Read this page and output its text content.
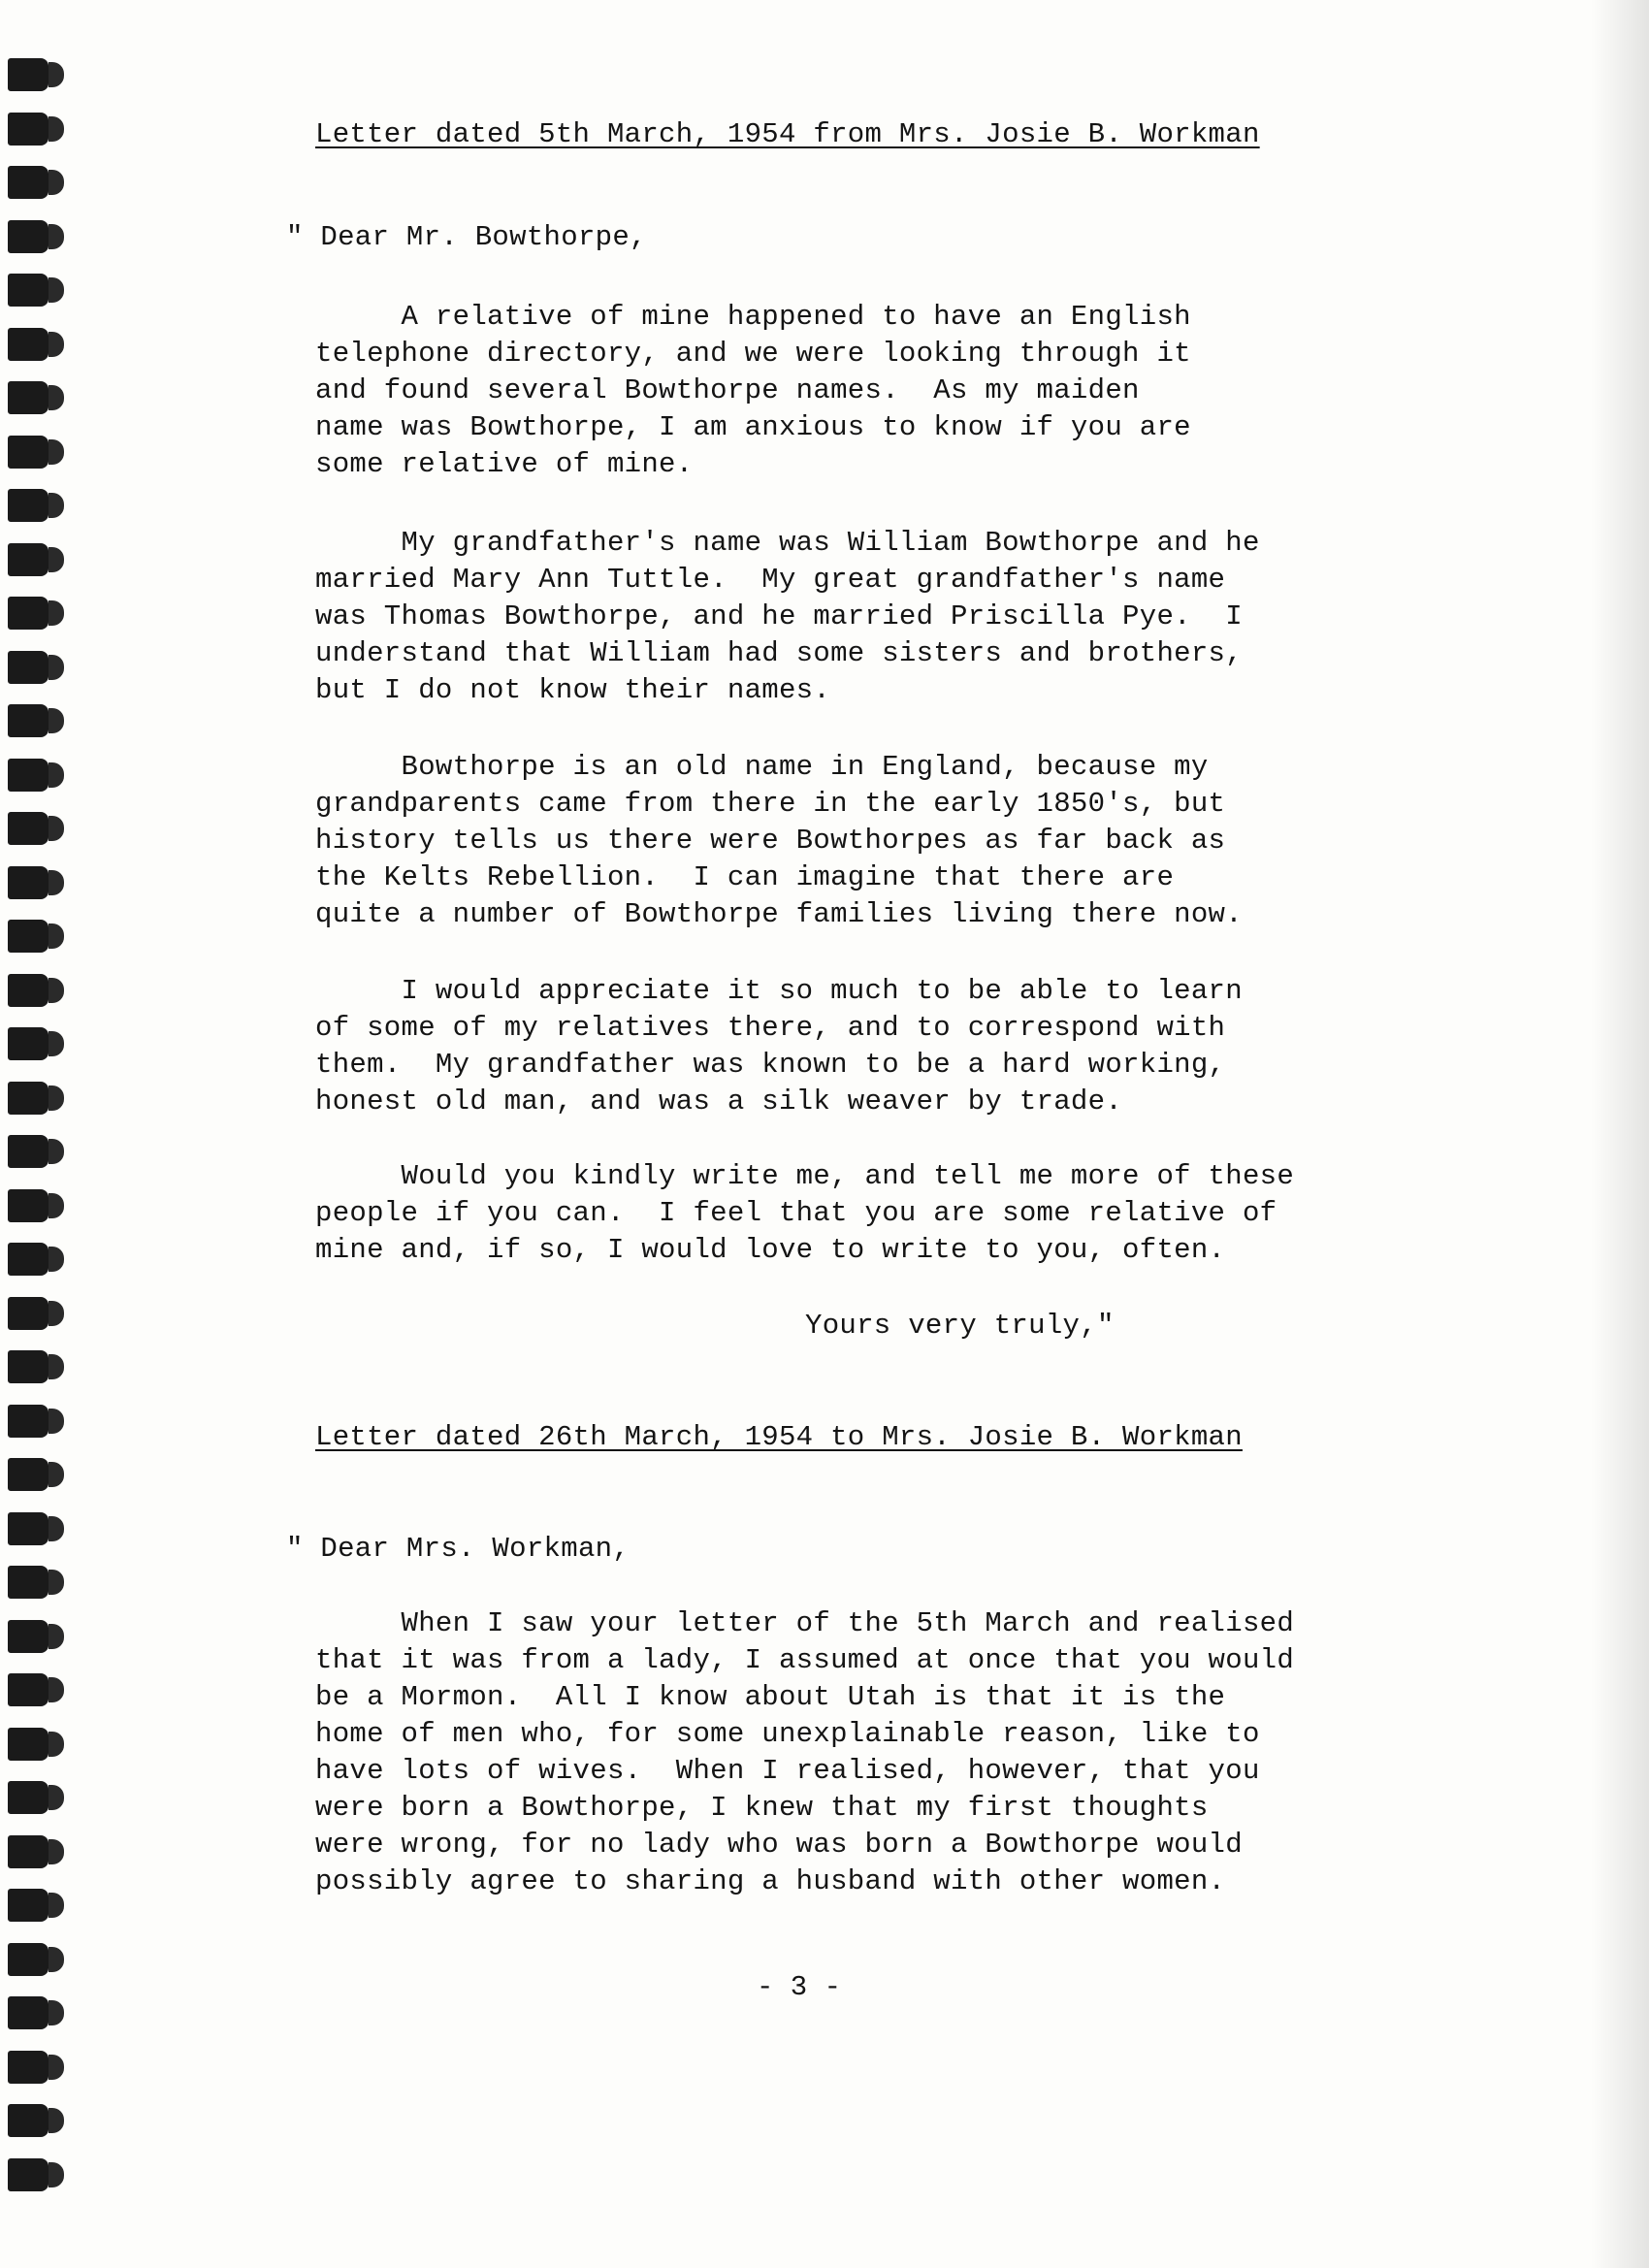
Letter dated 5th March, 1954 from Mrs. Josie B. Workman

" Dear Mr. Bowthorpe,

A relative of mine happened to have an English

telephone directory, and we were looking through it

and found several Bowthorpe names.  As my maiden

name was Bowthorpe, I am anxious to know if you are

some relative of mine.

My grandfather's name was William Bowthorpe and he

married Mary Ann Tuttle.  My great grandfather's name

was Thomas Bowthorpe, and he married Priscilla Pye.  I

understand that William had some sisters and brothers,

but I do not know their names.

Bowthorpe is an old name in England, because my

grandparents came from there in the early 1850's, but

history tells us there were Bowthorpes as far back as

the Kelts Rebellion.  I can imagine that there are

quite a number of Bowthorpe families living there now.

I would appreciate it so much to be able to learn

of some of my relatives there, and to correspond with

them.  My grandfather was known to be a hard working,

honest old man, and was a silk weaver by trade.

Would you kindly write me, and tell me more of these

people if you can.  I feel that you are some relative of

mine and, if so, I would love to write to you, often.

Yours very truly,"

Letter dated 26th March, 1954 to Mrs. Josie B. Workman

" Dear Mrs. Workman,

When I saw your letter of the 5th March and realised

that it was from a lady, I assumed at once that you would

be a Mormon.  All I know about Utah is that it is the

home of men who, for some unexplainable reason, like to

have lots of wives.  When I realised, however, that you

were born a Bowthorpe, I knew that my first thoughts

were wrong, for no lady who was born a Bowthorpe would

possibly agree to sharing a husband with other women.

- 3 -
